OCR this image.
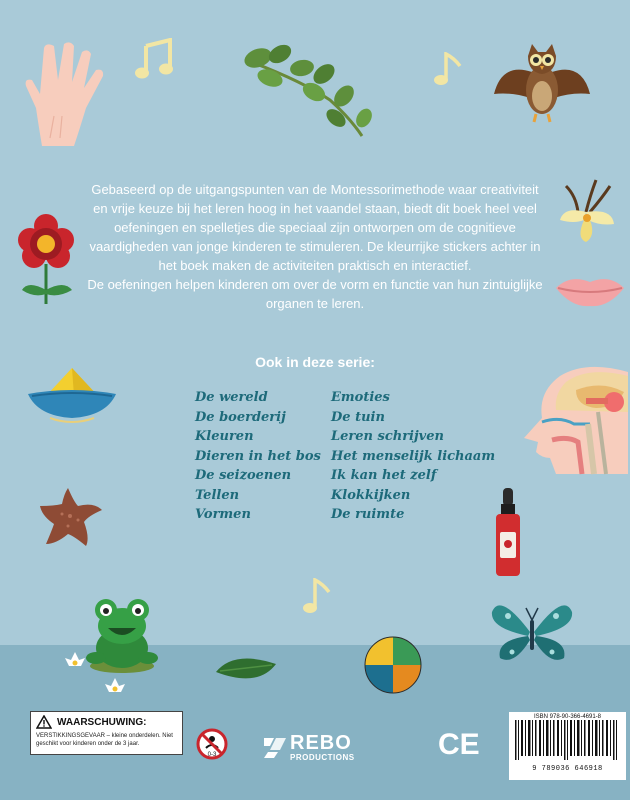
Gebaseerd op de uitgangspunten van de Montessorimethode waar creativiteit en vrije keuze bij het leren hoog in het vaandel staan, biedt dit boek heel veel oefeningen en spelletjes die speciaal zijn ontworpen om de cognitieve vaardigheden van jonge kinderen te stimuleren. De kleurrijke stickers achter in het boek maken de activiteiten praktisch en interactief.

De oefeningen helpen kinderen om over de vorm en functie van hun zintuiglijke organen te leren.

Ook in deze serie:
De wereld
De boerderij
Kleuren
Dieren in het bos
De seizoenen
Tellen
Vormen
Emoties
De tuin
Leren schrijven
Het menselijk lichaam
Ik kan het zelf
Klokkijken
De ruimte
WAARSCHUWING:
VERSTIKKINGSGEVAAR – kleine onderdelen. Niet geschikt voor kinderen onder de 3 jaar.
0-3
REBO
PRODUCTIONS	CE
ISBN 978-90-366-4691-8
9 789036 646918
